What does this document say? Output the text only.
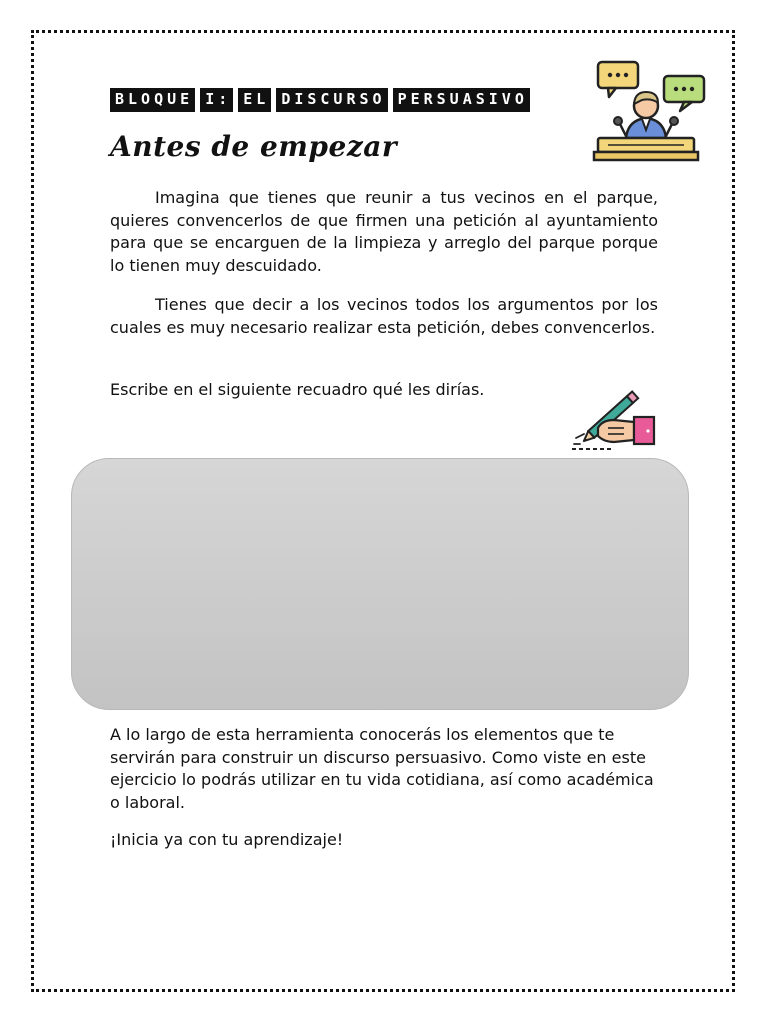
BLOQUE I: EL DISCURSO PERSUASIVO
Antes de empezar

Imagina que tienes que reunir a tus vecinos en el parque, quieres convencerlos de que firmen una petición al ayuntamiento para que se encarguen de la limpieza y arreglo del parque porque lo tienen muy descuidado.

Tienes que decir a los vecinos todos los argumentos por los cuales es muy necesario realizar esta petición, debes convencerlos.

Escribe en el siguiente recuadro qué les dirías.

A lo largo de esta herramienta conocerás los elementos que te servirán para construir un discurso persuasivo. Como viste en este ejercicio lo podrás utilizar en tu vida cotidiana, así como académica o laboral.

¡Inicia ya con tu aprendizaje!
